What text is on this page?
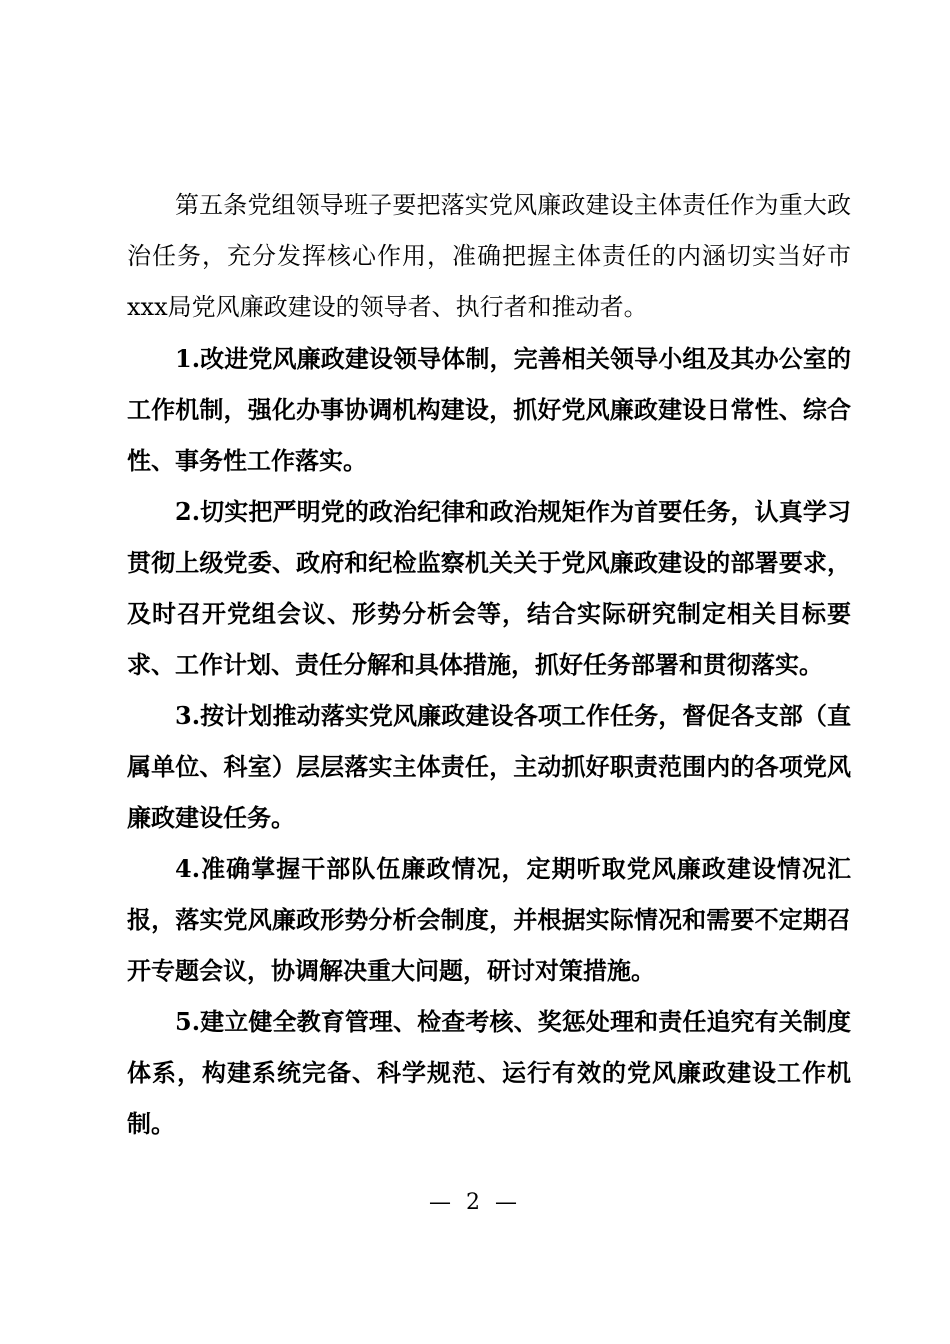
第五条党组领导班子要把落实党风廉政建设主体责任作为重大政治任务，充分发挥核心作用，准确把握主体责任的内涵切实当好市xxx局党风廉政建设的领导者、执行者和推动者。

1.改进党风廉政建设领导体制，完善相关领导小组及其办公室的工作机制，强化办事协调机构建设，抓好党风廉政建设日常性、综合性、事务性工作落实。

2.切实把严明党的政治纪律和政治规矩作为首要任务，认真学习贯彻上级党委、政府和纪检监察机关关于党风廉政建设的部署要求，及时召开党组会议、形势分析会等，结合实际研究制定相关目标要求、工作计划、责任分解和具体措施，抓好任务部署和贯彻落实。

3.按计划推动落实党风廉政建设各项工作任务，督促各支部（直属单位、科室）层层落实主体责任，主动抓好职责范围内的各项党风廉政建设任务。

4.准确掌握干部队伍廉政情况，定期听取党风廉政建设情况汇报，落实党风廉政形势分析会制度，并根据实际情况和需要不定期召开专题会议，协调解决重大问题，研讨对策措施。

5.建立健全教育管理、检查考核、奖惩处理和责任追究有关制度体系，构建系统完备、科学规范、运行有效的党风廉政建设工作机制。

— 2 —
